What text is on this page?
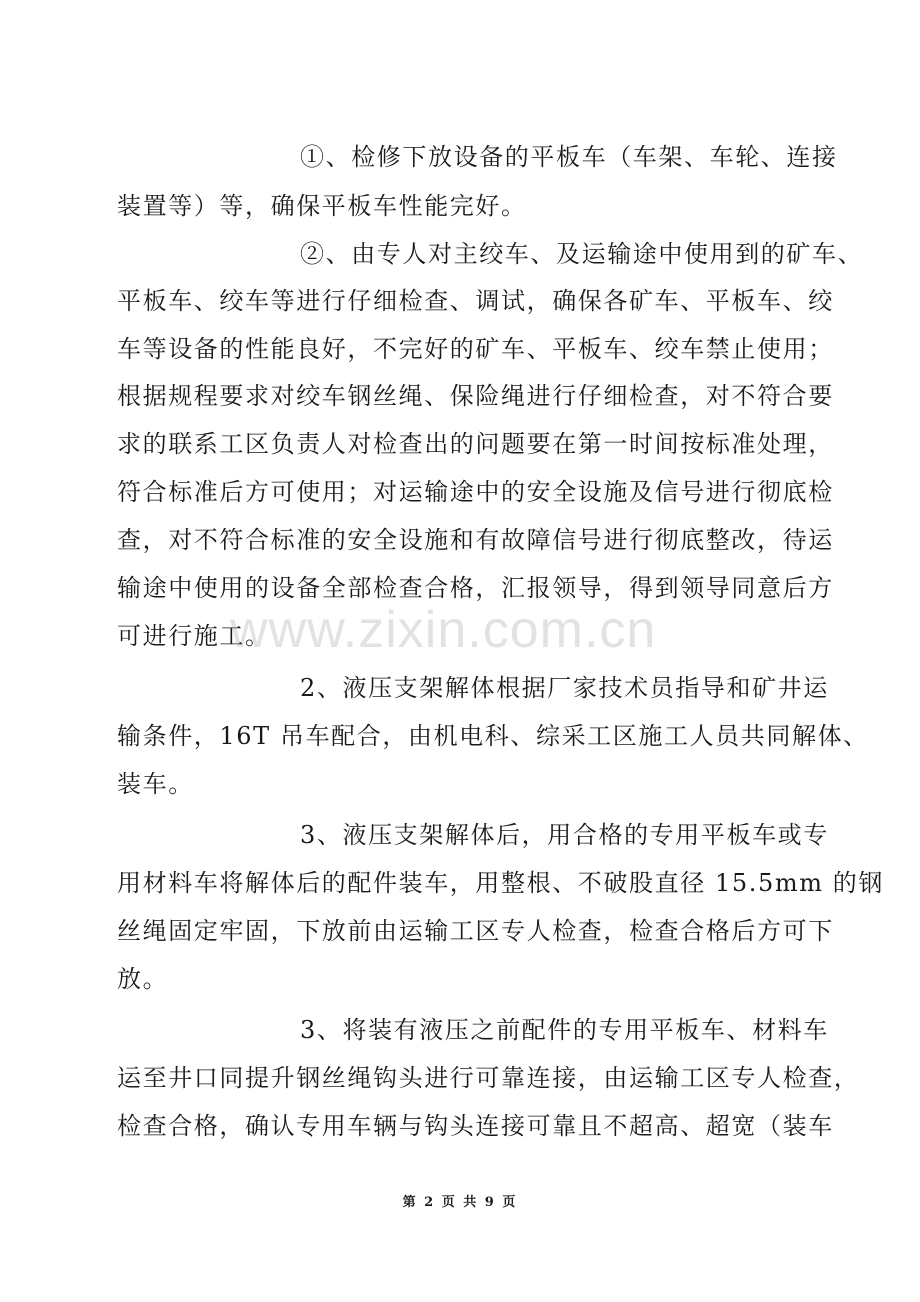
①、检修下放设备的平板车（车架、车轮、连接
装置等）等，确保平板车性能完好。
②、由专人对主绞车、及运输途中使用到的矿车、
平板车、绞车等进行仔细检查、调试，确保各矿车、平板车、绞
车等设备的性能良好，不完好的矿车、平板车、绞车禁止使用；
根据规程要求对绞车钢丝绳、保险绳进行仔细检查，对不符合要
求的联系工区负责人对检查出的问题要在第一时间按标准处理，
符合标准后方可使用；对运输途中的安全设施及信号进行彻底检
查，对不符合标准的安全设施和有故障信号进行彻底整改，待运
输途中使用的设备全部检查合格，汇报领导，得到领导同意后方
可进行施工。
2、液压支架解体根据厂家技术员指导和矿井运
输条件，16T 吊车配合，由机电科、综采工区施工人员共同解体、
装车。
3、液压支架解体后，用合格的专用平板车或专
用材料车将解体后的配件装车，用整根、不破股直径 15.5mm 的钢
丝绳固定牢固，下放前由运输工区专人检查，检查合格后方可下
放。
3、将装有液压之前配件的专用平板车、材料车
运至井口同提升钢丝绳钩头进行可靠连接，由运输工区专人检查，
检查合格，确认专用车辆与钩头连接可靠且不超高、超宽（装车
www.zixin.com.cn
第 2 页 共 9 页
